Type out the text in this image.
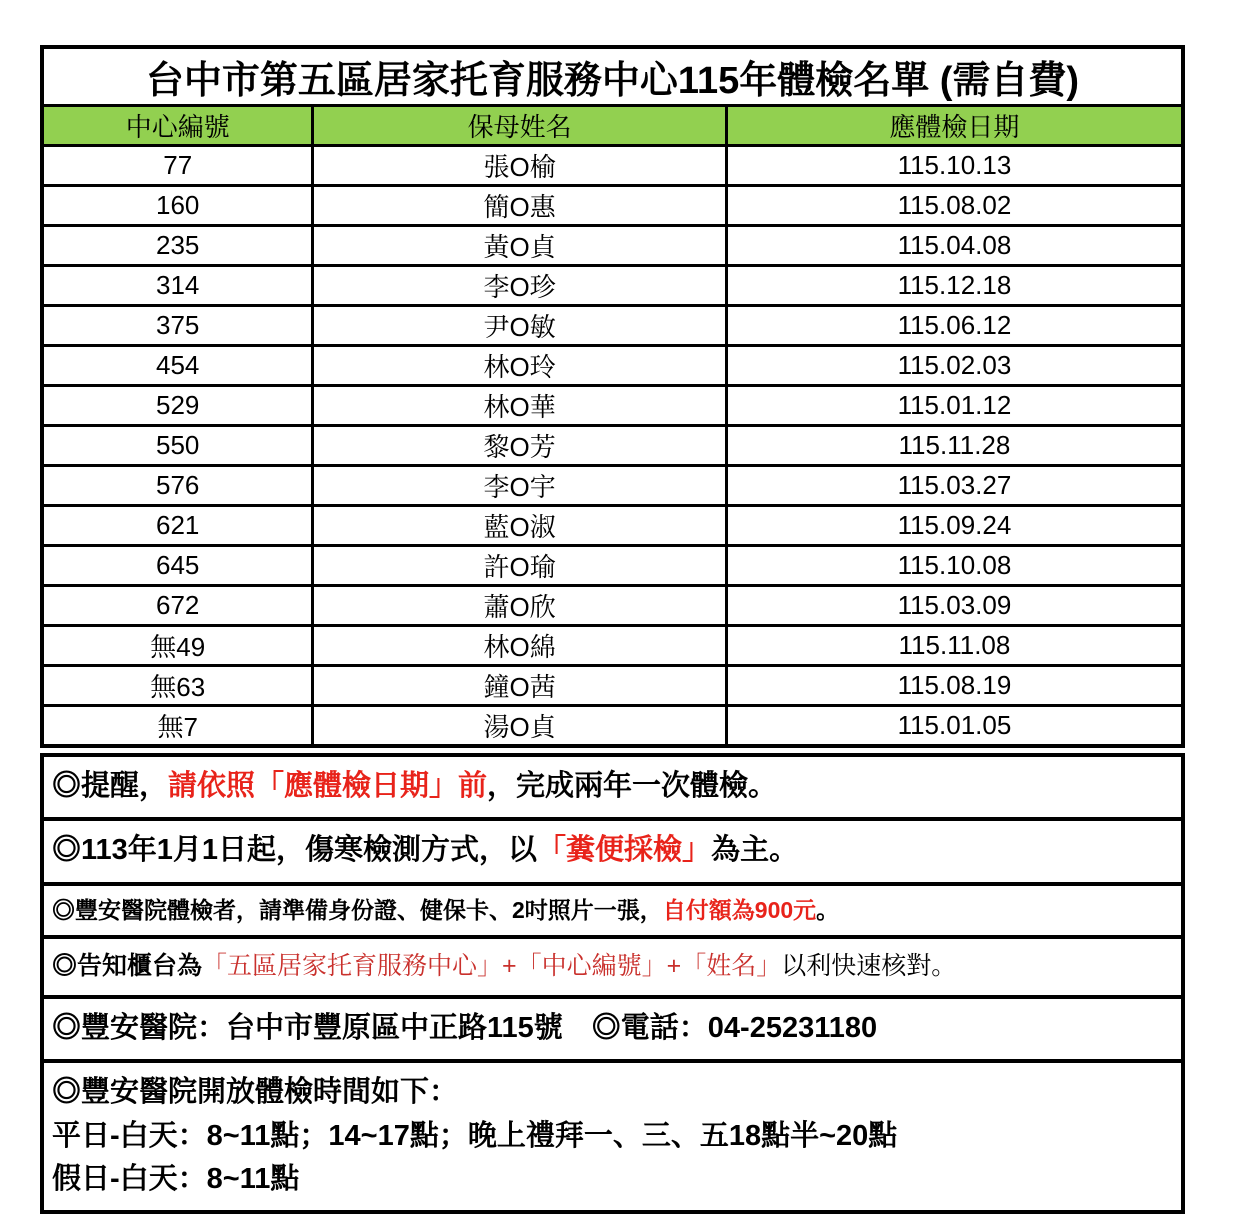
台中市第五區居家托育服務中心115年體檢名單 (需自費)		
中心編號	保母姓名	應體檢日期
77	張O榆	115.10.13
160	簡O惠	115.08.02
235	黃O貞	115.04.08
314	李O珍	115.12.18
375	尹O敏	115.06.12
454	林O玲	115.02.03
529	林O華	115.01.12
550	黎O芳	115.11.28
576	李O宇	115.03.27
621	藍O淑	115.09.24
645	許O瑜	115.10.08
672	蕭O欣	115.03.09
無49	林O綿	115.11.08
無63	鐘O茜	115.08.19
無7	湯O貞	115.01.05
◎提醒，請依照「應體檢日期」前，完成兩年一次體檢。
◎113年1月1日起，傷寒檢測方式，以「糞便採檢」為主。
◎豐安醫院體檢者，請準備身份證、健保卡、2吋照片一張，自付額為900元。
◎告知櫃台為「五區居家托育服務中心」+「中心編號」+「姓名」以利快速核對。
◎豐安醫院：台中市豐原區中正路115號　◎電話：04-25231180
◎豐安醫院開放體檢時間如下：
平日-白天：8~11點；14~17點；晚上禮拜一、三、五18點半~20點
假日-白天：8~11點
